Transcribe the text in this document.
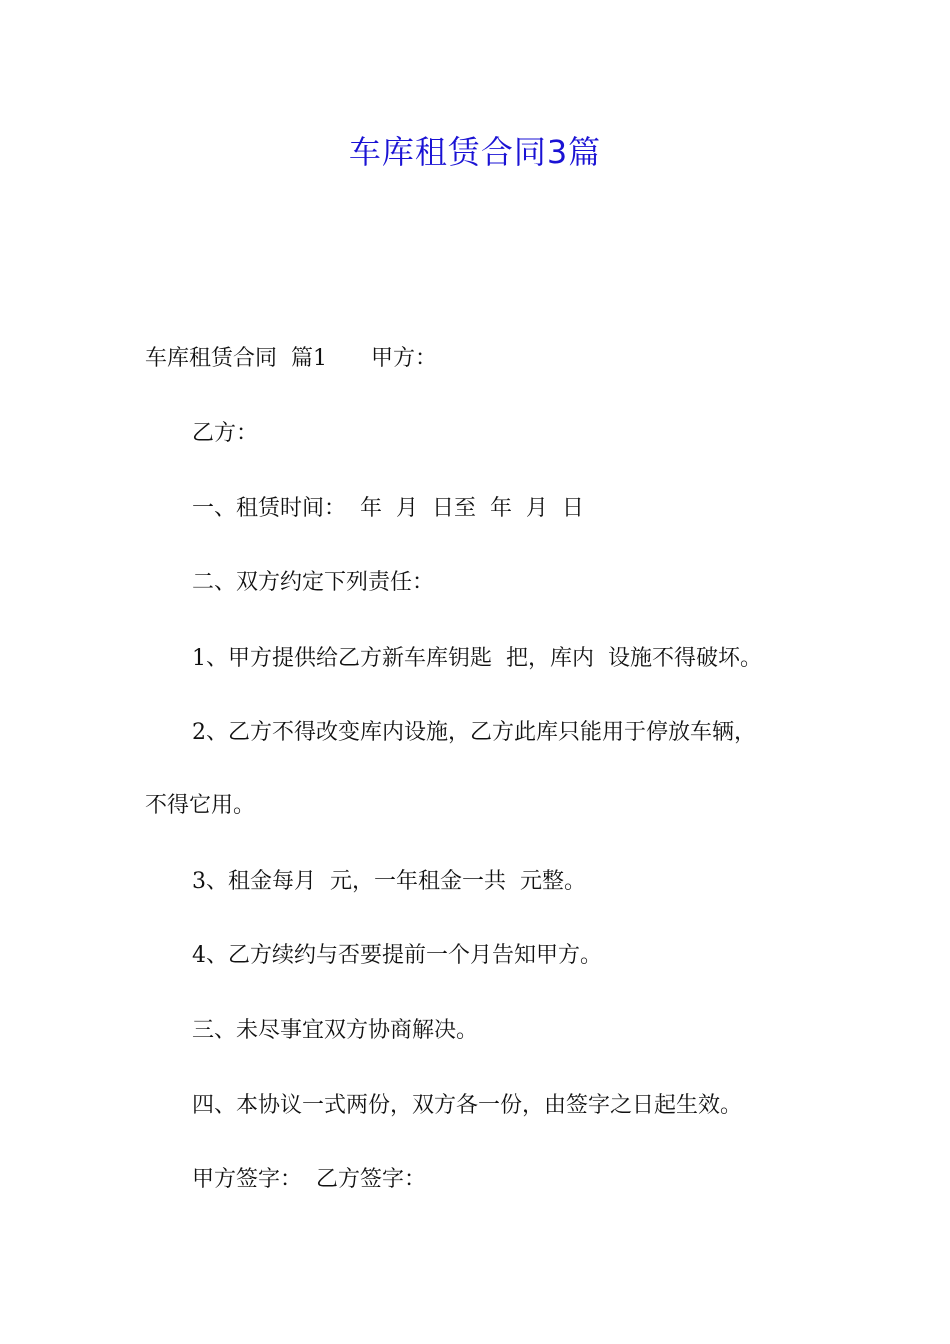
车库租赁合同3篇

车库租赁合同  篇1 甲方：

乙方：

一、租赁时间：  年  月  日至  年  月  日

二、双方约定下列责任：

1、甲方提供给乙方新车库钥匙  把，库内  设施不得破坏。

2、乙方不得改变库内设施，乙方此库只能用于停放车辆，

不得它用。

3、租金每月  元，一年租金一共  元整。

4、乙方续约与否要提前一个月告知甲方。

三、未尽事宜双方协商解决。

四、本协议一式两份，双方各一份，由签字之日起生效。

甲方签字：  乙方签字：
